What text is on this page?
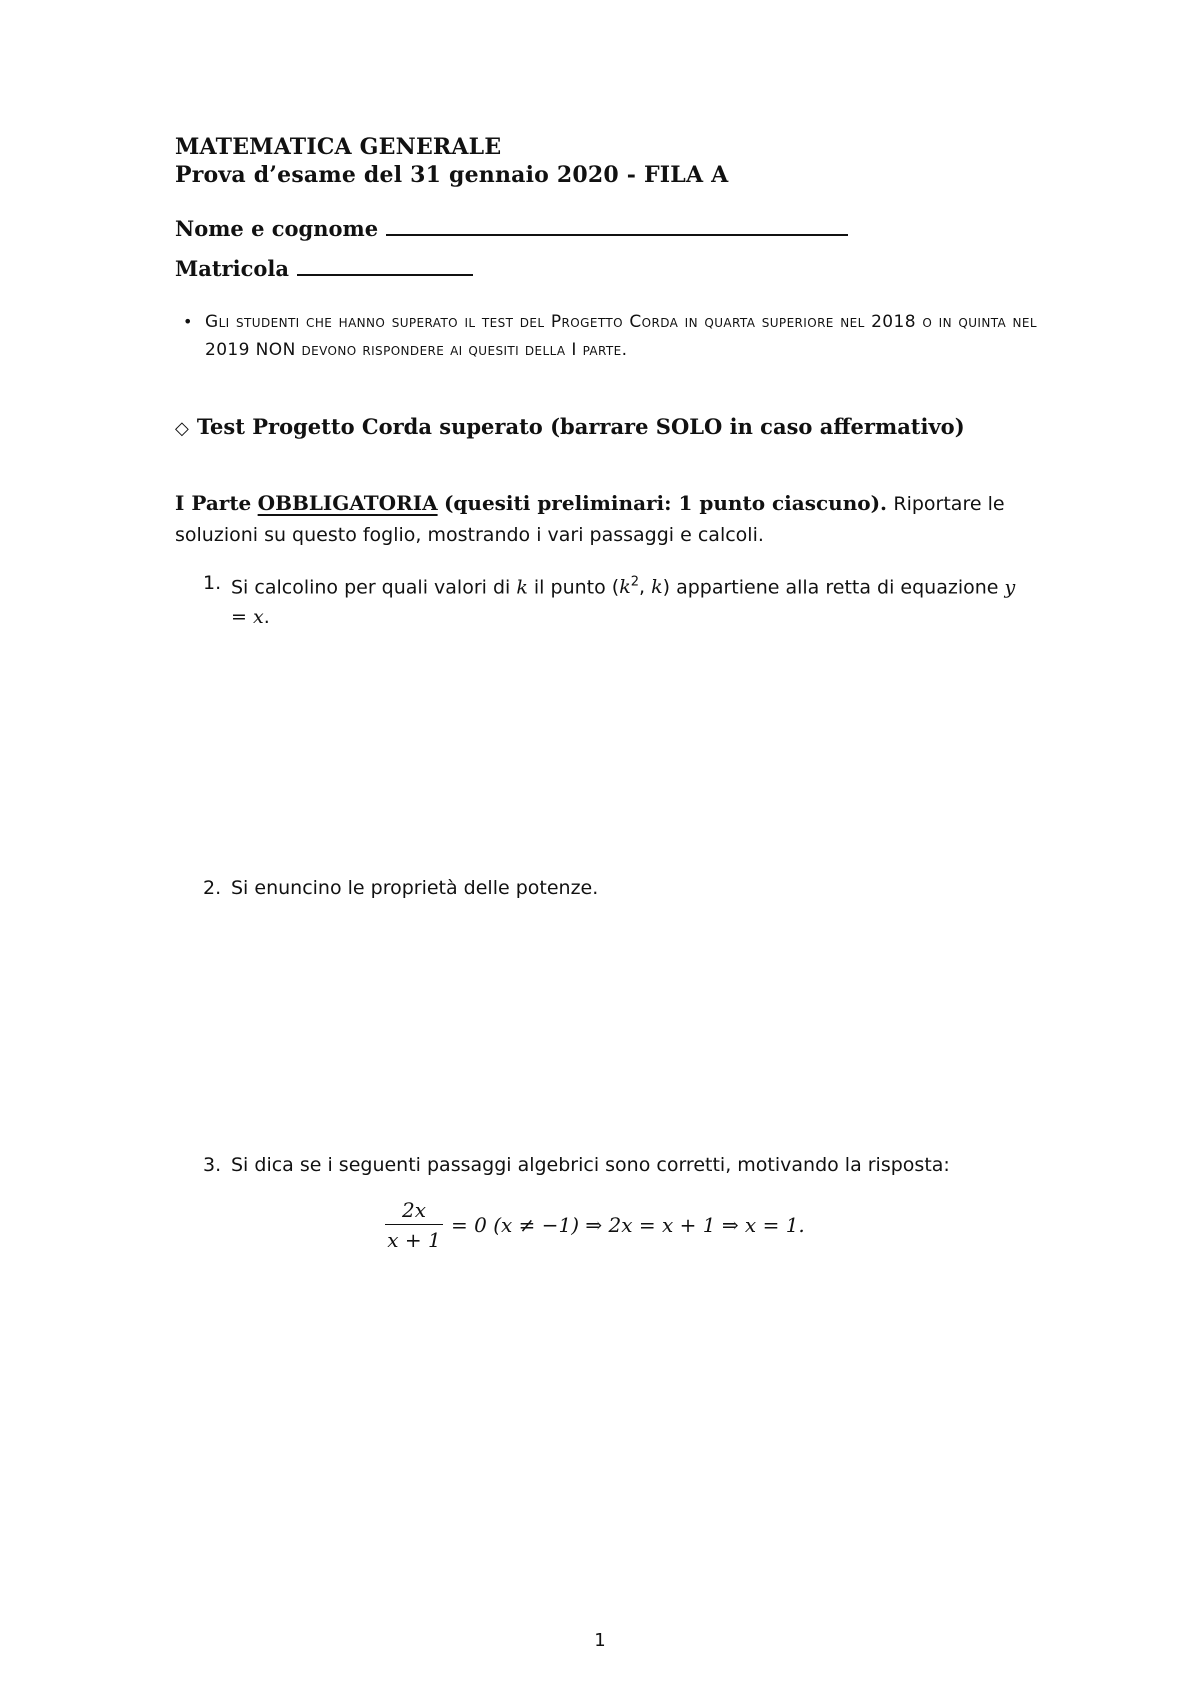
MATEMATICA GENERALE
Prova d’esame del 31 gennaio 2020 - FILA A
Nome e cognome
Matricola
• Gli studenti che hanno superato il test del Progetto Corda in quarta superiore nel 2018 o in quinta nel 2019 NON devono rispondere ai quesiti della I parte.
◇ Test Progetto Corda superato (barrare SOLO in caso affermativo)
I Parte OBBLIGATORIA (quesiti preliminari: 1 punto ciascuno). Riportare le soluzioni su questo foglio, mostrando i vari passaggi e calcoli.
1. Si calcolino per quali valori di k il punto ($k^2$, k) appartiene alla retta di equazione y = x.
2. Si enuncino le proprietà delle potenze.
3. Si dica se i seguenti passaggi algebrici sono corretti, motivando la risposta:
2x
x + 1
= 0 (x ≠ −1) ⇒ 2x = x + 1 ⇒ x = 1.
1
